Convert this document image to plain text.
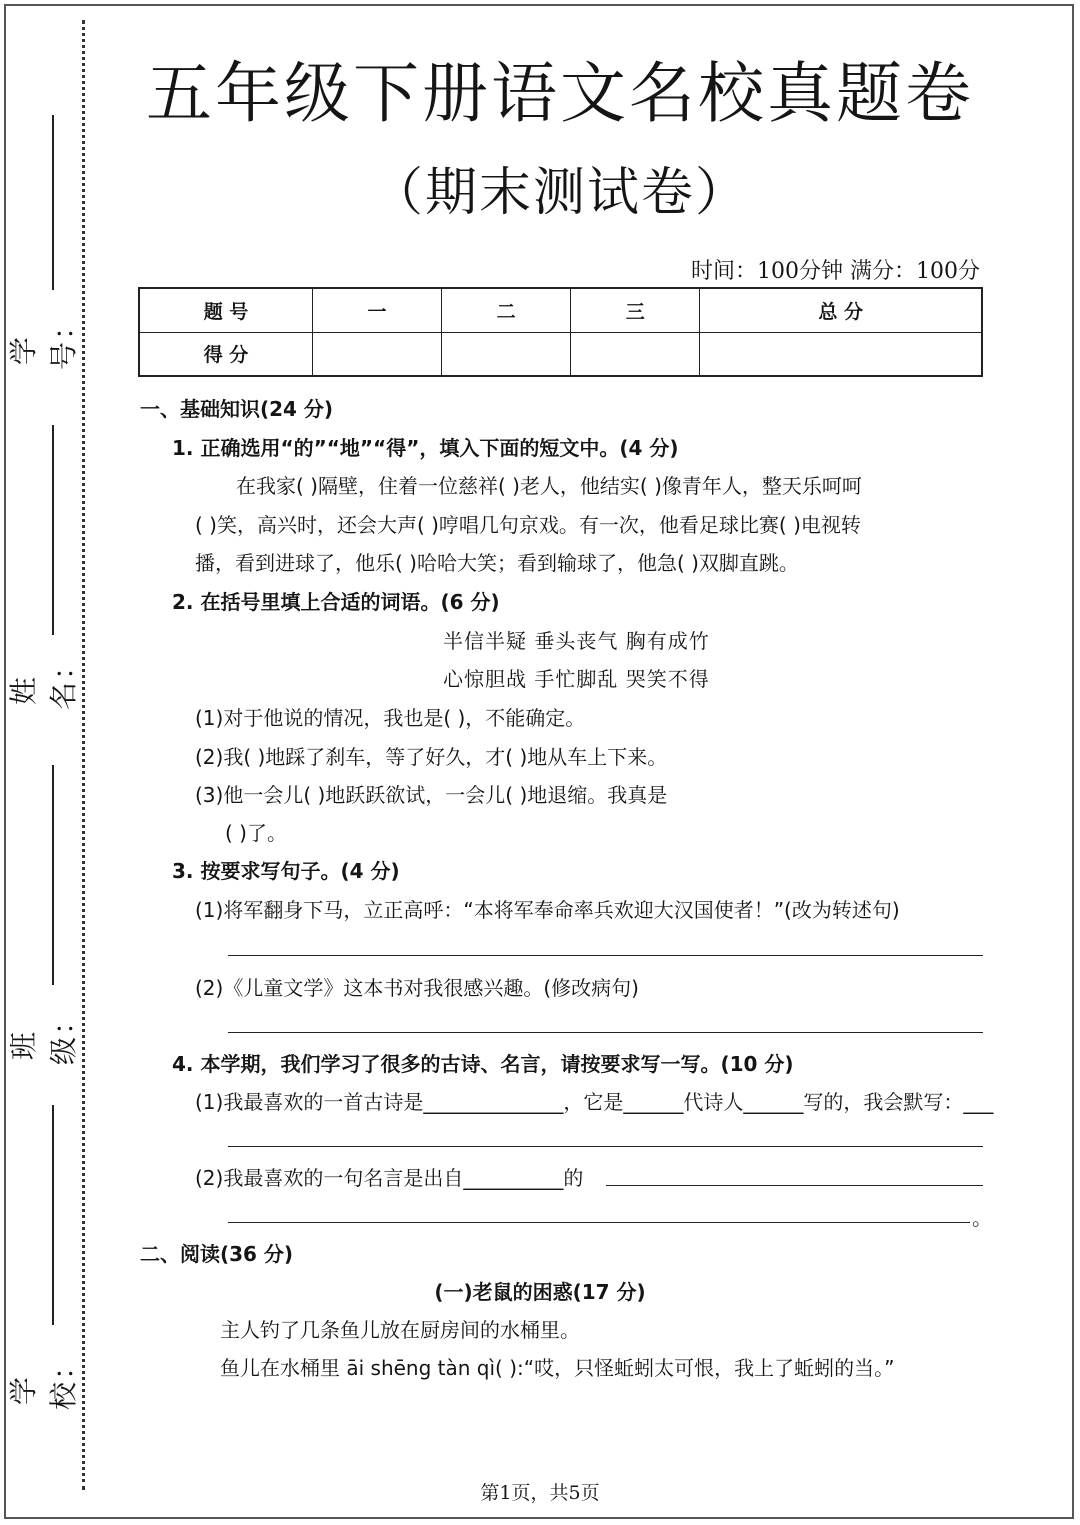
学号：
姓名：
班级：
学校：
五年级下册语文名校真题卷
（期末测试卷）
时间：100分钟 满分：100分
题 号	一	二	三	总 分
得 分				
一、基础知识(24 分)
1. 正确选用“的”“地”“得”，填入下面的短文中。(4 分)
在我家( )隔壁，住着一位慈祥( )老人，他结实( )像青年人，整天乐呵呵
( )笑，高兴时，还会大声( )哼唱几句京戏。有一次，他看足球比赛( )电视转
播，看到进球了，他乐( )哈哈大笑；看到输球了，他急( )双脚直跳。
2. 在括号里填上合适的词语。(6 分)
半信半疑 垂头丧气 胸有成竹
心惊胆战 手忙脚乱 哭笑不得
(1)对于他说的情况，我也是( )，不能确定。
(2)我( )地踩了刹车，等了好久，才( )地从车上下来。
(3)他一会儿( )地跃跃欲试，一会儿( )地退缩。我真是
( )了。
3. 按要求写句子。(4 分)
(1)将军翻身下马，立正高呼：“本将军奉命率兵欢迎大汉国使者！”(改为转述句)
(2)《儿童文学》这本书对我很感兴趣。(修改病句)
4. 本学期，我们学习了很多的古诗、名言，请按要求写一写。(10 分)
(1)我最喜欢的一首古诗是______________，它是______代诗人______写的，我会默写：___
(2)我最喜欢的一句名言是出自__________的
。
二、阅读(36 分)
(一)老鼠的困惑(17 分)
主人钓了几条鱼儿放在厨房间的水桶里。
鱼儿在水桶里 āi shēng tàn qì( ):“哎，只怪蚯蚓太可恨，我上了蚯蚓的当。”
第1页，共5页
